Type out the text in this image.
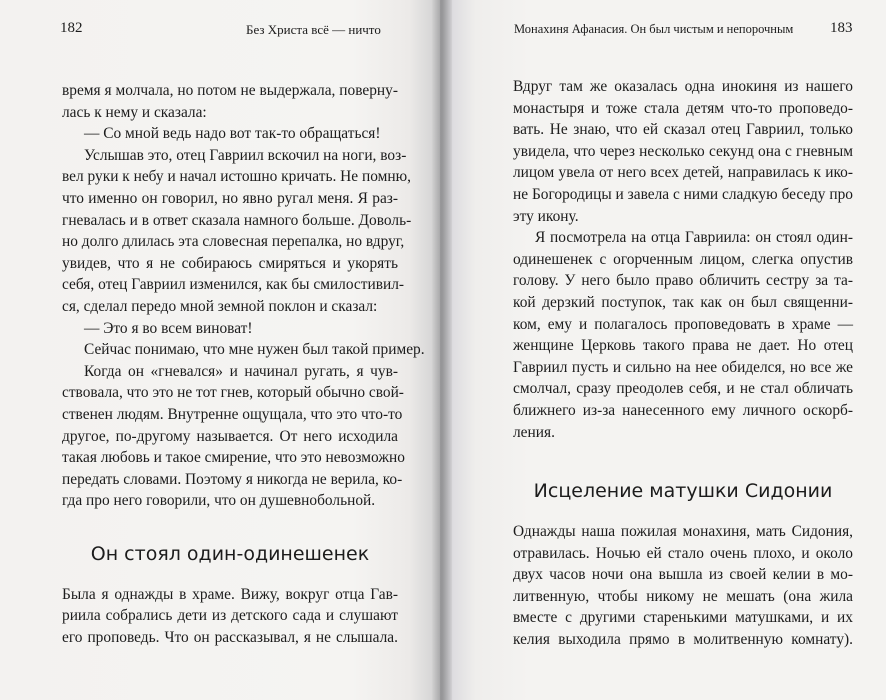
182	Без Христа всё — ничто
время я молчала, но потом не выдержала, поверну-
лась к нему и сказала:
— Со мной ведь надо вот так-то обращаться!
Услышав это, отец Гавриил вскочил на ноги, воз-
вел руки к небу и начал истошно кричать. Не помню,
что именно он говорил, но явно ругал меня. Я раз-
гневалась и в ответ сказала намного больше. Доволь-
но долго длилась эта словесная перепалка, но вдруг,
увидев, что я не собираюсь смиряться и укорять
себя, отец Гавриил изменился, как бы смилостивил-
ся, сделал передо мной земной поклон и сказал:
— Это я во всем виноват!
Сейчас понимаю, что мне нужен был такой пример.
Когда он «гневался» и начинал ругать, я чув-
ствовала, что это не тот гнев, который обычно свой-
ственен людям. Внутренне ощущала, что это что-то
другое, по-другому называется. От него исходила
такая любовь и такое смирение, что это невозможно
передать словами. Поэтому я никогда не верила, ко-
гда про него говорили, что он душевнобольной.
Он стоял один-одинешенек
Была я однажды в храме. Вижу, вокруг отца Гав-
риила собрались дети из детского сада и слушают
его проповедь. Что он рассказывал, я не слышала.
Монахиня Афанасия. Он был чистым и непорочным 183
Вдруг там же оказалась одна инокиня из нашего
монастыря и тоже стала детям что-то проповедо-
вать. Не знаю, что ей сказал отец Гавриил, только
увидела, что через несколько секунд она с гневным
лицом увела от него всех детей, направилась к ико-
не Богородицы и завела с ними сладкую беседу про
эту икону.
Я посмотрела на отца Гавриила: он стоял один-
одинешенек с огорченным лицом, слегка опустив
голову. У него было право обличить сестру за та-
кой дерзкий поступок, так как он был священни-
ком, ему и полагалось проповедовать в храме —
женщине Церковь такого права не дает. Но отец
Гавриил пусть и сильно на нее обиделся, но все же
смолчал, сразу преодолев себя, и не стал обличать
ближнего из-за нанесенного ему личного оскорб-
ления.
Исцеление матушки Сидонии
Однажды наша пожилая монахиня, мать Сидония,
отравилась. Ночью ей стало очень плохо, и около
двух часов ночи она вышла из своей келии в мо-
литвенную, чтобы никому не мешать (она жила
вместе с другими старенькими матушками, и их
келия выходила прямо в молитвенную комнату).
